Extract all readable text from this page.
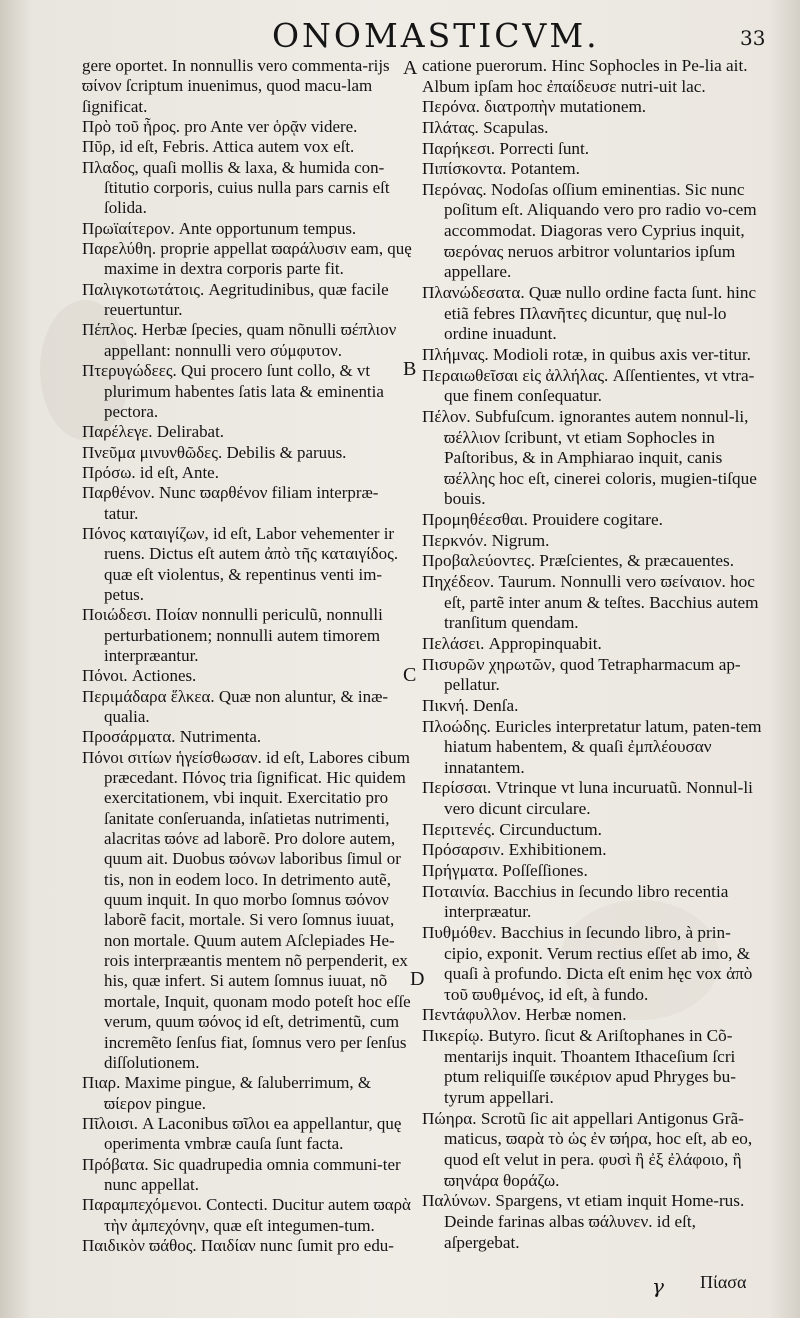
ONOMASTICVM.	33

gere oportet. In nonnullis vero commenta-rijs ϖίνον ſcriptum inuenimus, quod macu-lam ſignificat.

Πρὸ τοῦ ἦρος. pro Ante ver ὁρᾷν videre.

Πῦρ, id eſt, Febris. Attica autem vox eſt.

Πλαδος, quaſi mollis & laxa, & humida con-ſtitutio corporis, cuius nulla pars carnis eſt ſolida.

Πρωϊαίτερον. Ante opportunum tempus.

Παρελύθη. proprie appellat ϖαράλυσιν eam, quę maxime in dextra corporis parte fit.

Παλιγκοτωτάτοις. Aegritudinibus, quæ facile reuertuntur.

Πέπλος. Herbæ ſpecies, quam nõnulli ϖέπλιον appellant: nonnulli vero σύμφυτον.

Πτερυγώδεες. Qui procero ſunt collo, & vt plurimum habentes ſatis lata & eminentia pectora.

Παρέλεγε. Delirabat.

Πνεῦμα μινυνθῶδες. Debilis & paruus.

Πρόσω. id eſt, Ante.

Παρθένον. Nunc ϖαρθένον filiam interpræ-tatur.

Πόνος καταιγίζων, id eſt, Labor vehementer ir ruens. Dictus eſt autem ἀπὸ τῆς καταιγίδος. quæ eſt violentus, & repentinus venti im-petus.

Ποιώδεσι. Ποίαν nonnulli periculũ, nonnulli perturbationem; nonnulli autem timorem interpræantur.

Πόνοι. Actiones.

Περιμάδαρα ἕλκεα. Quæ non aluntur, & inæ-qualia.

Προσάρματα. Nutrimenta.

Πόνοι σιτίων ἡγείσθωσαν. id eſt, Labores cibum præcedant. Πόνος tria ſignificat. Hic quidem exercitationem, vbi inquit. Exercitatio pro ſanitate conſeruanda, inſatietas nutrimenti, alacritas ϖόνε ad laborẽ. Pro dolore autem, quum ait. Duobus ϖόνων laboribus ſimul or tis, non in eodem loco. In detrimento autẽ, quum inquit. In quo morbo ſomnus ϖόνον laborẽ facit, mortale. Si vero ſomnus iuuat, non mortale. Quum autem Aſclepiades He-rois interpræantis mentem nõ perpenderit, ex his, quæ infert. Si autem ſomnus iuuat, nõ mortale, Inquit, quonam modo poteſt hoc eſſe verum, quum ϖόνος id eſt, detrimentũ, cum incremẽto ſenſus fiat, ſomnus vero per ſenſus diſſolutionem.

Πιαρ. Maxime pingue, & ſaluberrimum, & ϖίερον pingue.

Πῖλοισι. A Laconibus ϖῖλοι ea appellantur, quę operimenta vmbræ cauſa ſunt facta.

Πρόβατα. Sic quadrupedia omnia communi-ter nunc appellat.

Παραμπεχόμενοι. Contecti. Ducitur autem ϖαρὰ τὴν ἀμπεχόνην, quæ eſt integumen-tum.

Παιδικὸν ϖάθος. Παιδίαν nunc ſumit pro edu-

catione puerorum. Hinc Sophocles in Pe-lia ait. Album ipſam hoc ἐπαίδευσε nutri-uit lac.

Περόνα. διατροπὴν mutationem.

Πλάτας. Scapulas.

Παρήκεσι. Porrecti ſunt.

Πιπίσκοντα. Potantem.

Περόνας. Nodoſas oſſium eminentias. Sic nunc poſitum eſt. Aliquando vero pro radio vo-cem accommodat. Diagoras vero Cyprius inquit, ϖερόνας neruos arbitror voluntarios ipſum appellare.

Πλανώδεσατα. Quæ nullo ordine facta ſunt. hinc etiã febres Πλανῆτες dicuntur, quę nul-lo ordine inuadunt.

Πλήμνας. Modioli rotæ, in quibus axis ver-titur.

Περαιωθεῖσαι εἰς ἀλλήλας. Aſſentientes, vt vtra-que finem conſequatur.

Πέλον. Subfuſcum. ignorantes autem nonnul-li, ϖέλλιον ſcribunt, vt etiam Sophocles in Paſtoribus, & in Amphiarao inquit, canis ϖέλλης hoc eſt, cinerei coloris, mugien-tiſque bouis.

Προμηθέεσθαι. Prouidere cogitare.

Περκνόν. Nigrum.

Προβαλεύοντες. Præſcientes, & præcauentes.

Πηχέδεον. Taurum. Nonnulli vero ϖείναιον. hoc eſt, partẽ inter anum & teſtes. Bacchius autem tranſitum quendam.

Πελάσει. Appropinquabit.

Πισυρῶν χηρωτῶν, quod Tetrapharmacum ap-pellatur.

Πικνή. Denſa.

Πλοώδης. Euricles interpretatur latum, paten-tem hiatum habentem, & quaſi ἐμπλέουσαν innatantem.

Περίσσαι. Vtrinque vt luna incuruatũ. Nonnul-li vero dicunt circulare.

Περιτενές. Circunductum.

Πρόσαρσιν. Exhibitionem.

Πρήγματα. Poſſeſſiones.

Ποταινία. Bacchius in ſecundo libro recentia interpræatur.

Πυθμόθεν. Bacchius in ſecundo libro, à prin-cipio, exponit. Verum rectius eſſet ab imo, & quaſi à profundo. Dicta eſt enim hęc vox ἀπὸ τοῦ ϖυθμένος, id eſt, à fundo.

Πεντάφυλλον. Herbæ nomen.

Πικερίῳ. Butyro. ſicut & Ariſtophanes in Cõ-mentarijs inquit. Thoantem Ithaceſium ſcri ptum reliquiſſe ϖικέριον apud Phryges bu-tyrum appellari.

Πώηρα. Scrotũ ſic ait appellari Antigonus Grã-maticus, ϖαρὰ τὸ ὡς ἐν ϖήρα, hoc eſt, ab eo, quod eſt velut in pera. φυσὶ ἢ ἐξ ἐλάφοιο, ἢ ϖηνάρα θοράζω.

Παλύνων. Spargens, vt etiam inquit Home-rus. Deinde farinas albas ϖάλυνεν. id eſt, aſpergebat.

A
B
C
D
γ Πίασα
